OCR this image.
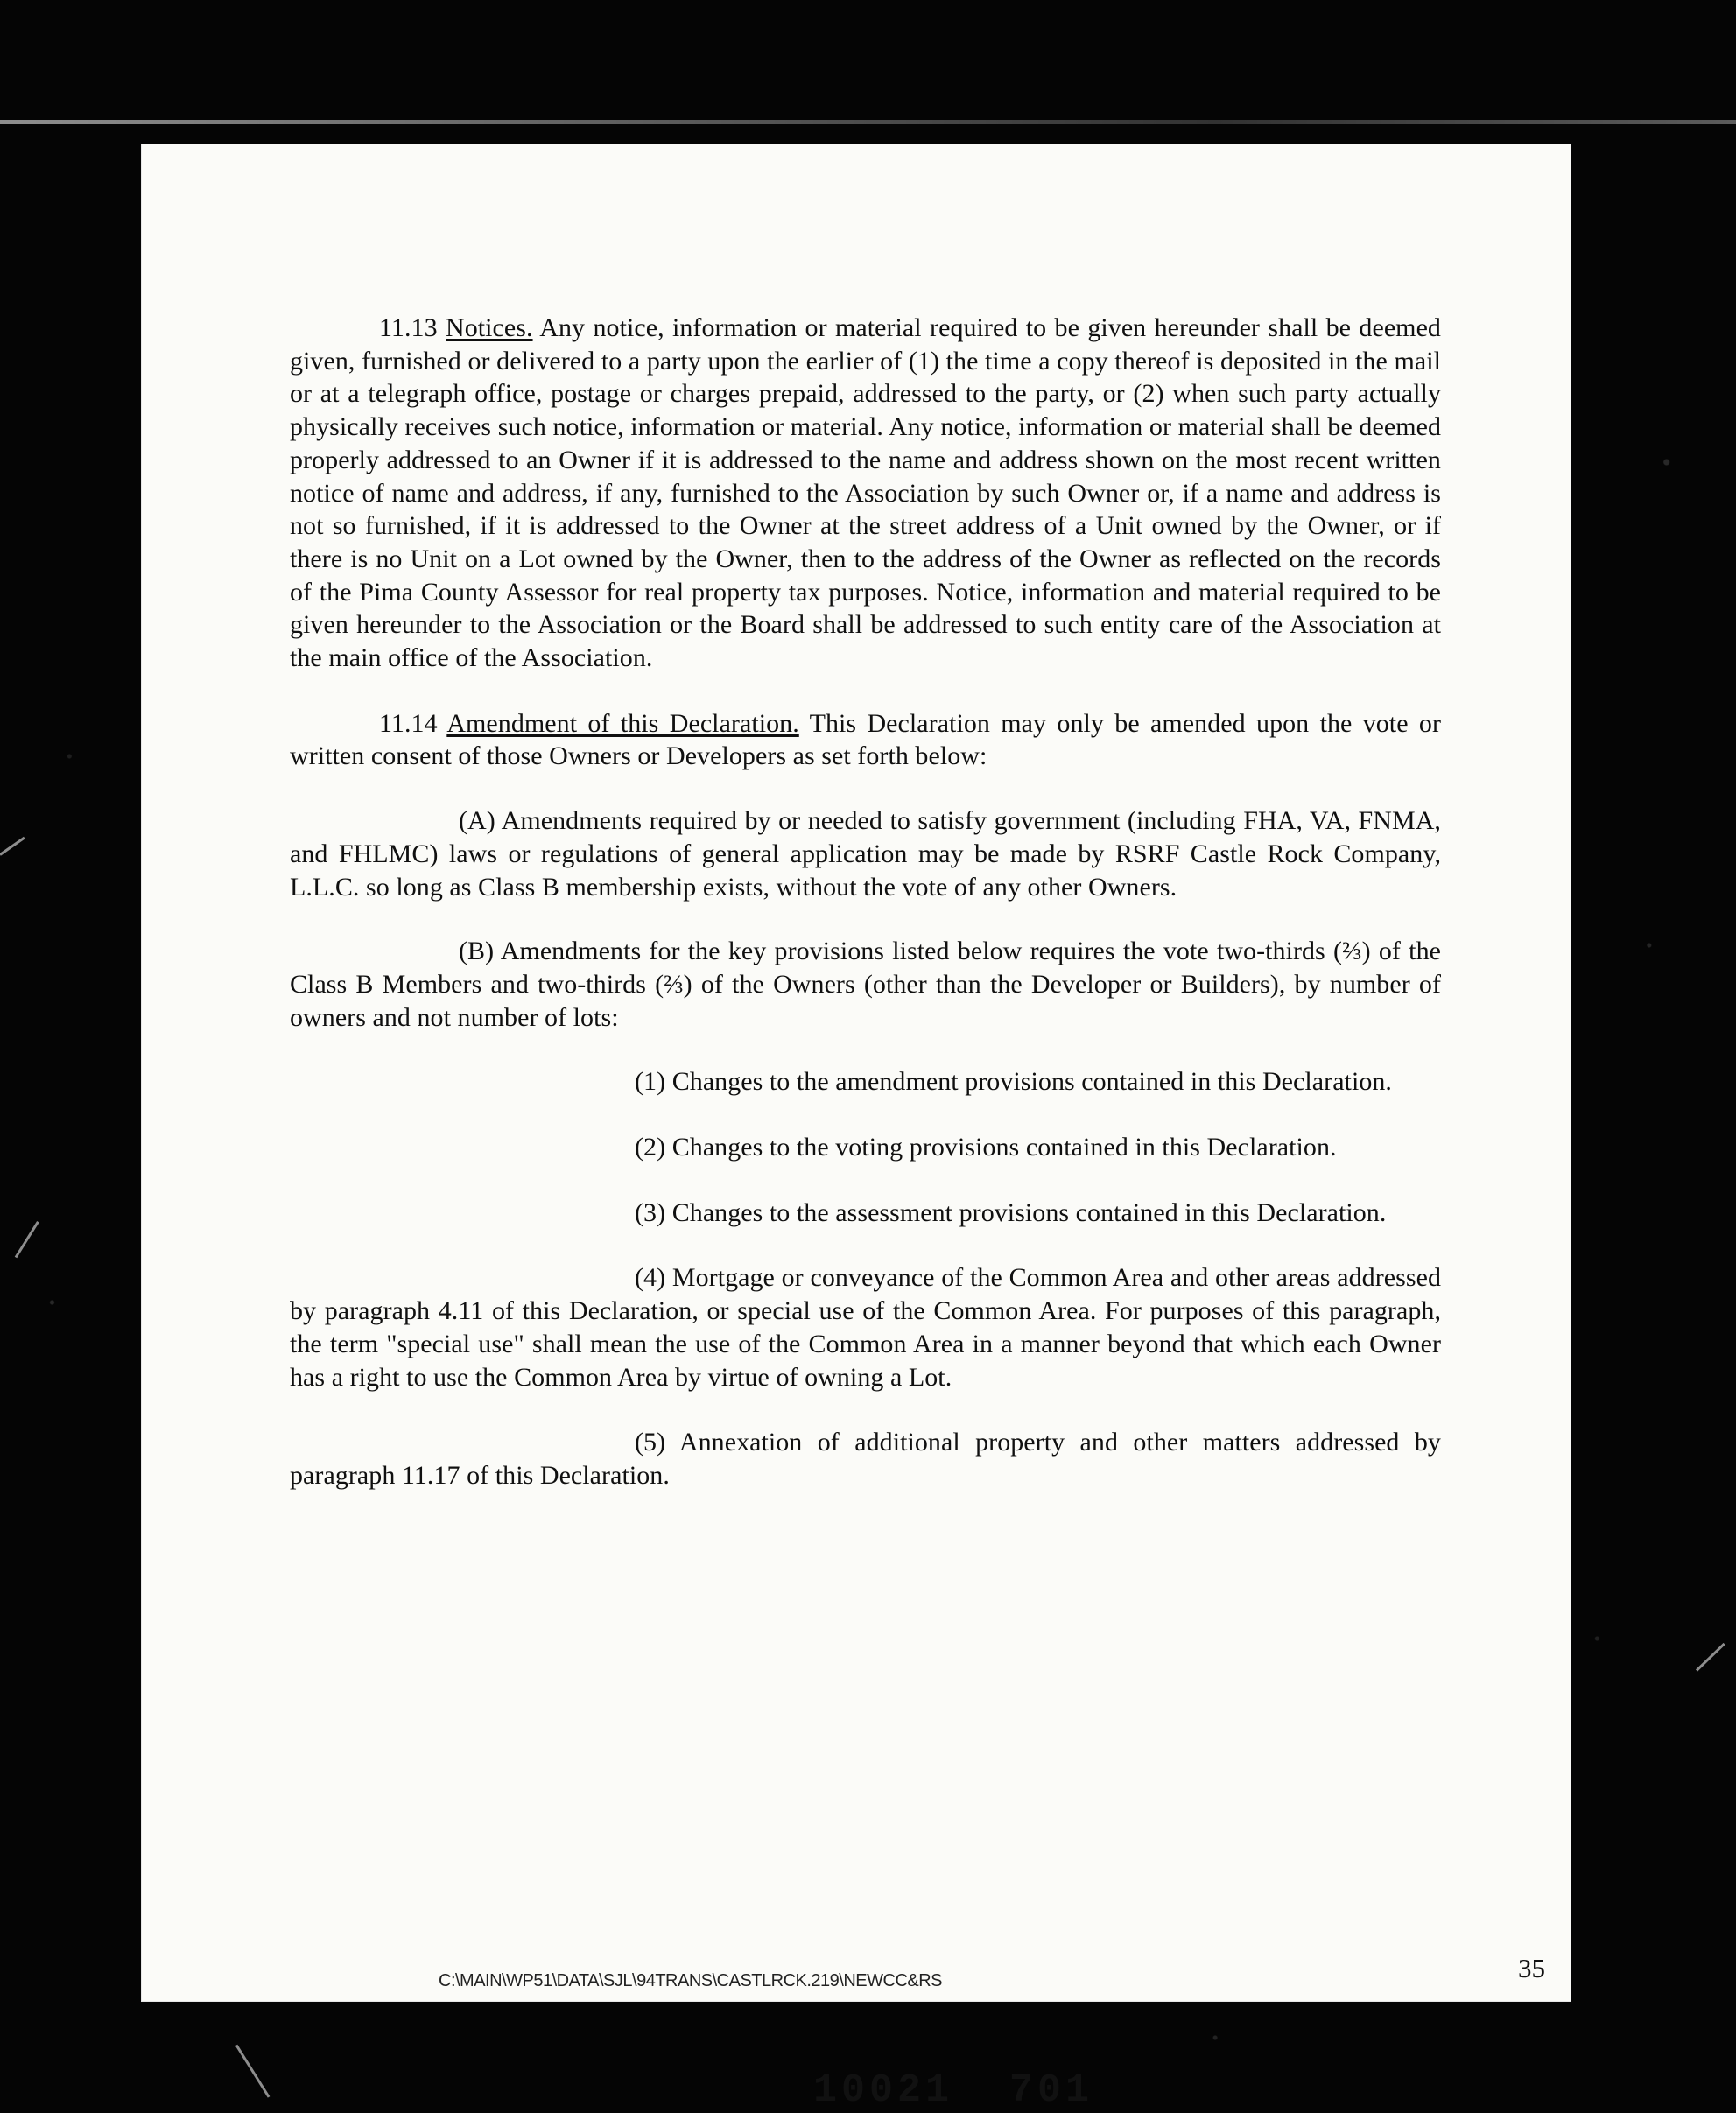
11.13 Notices. Any notice, information or material required to be given hereunder shall be deemed given, furnished or delivered to a party upon the earlier of (1) the time a copy thereof is deposited in the mail or at a telegraph office, postage or charges prepaid, addressed to the party, or (2) when such party actually physically receives such notice, information or material. Any notice, information or material shall be deemed properly addressed to an Owner if it is addressed to the name and address shown on the most recent written notice of name and address, if any, furnished to the Association by such Owner or, if a name and address is not so furnished, if it is addressed to the Owner at the street address of a Unit owned by the Owner, or if there is no Unit on a Lot owned by the Owner, then to the address of the Owner as reflected on the records of the Pima County Assessor for real property tax purposes. Notice, information and material required to be given hereunder to the Association or the Board shall be addressed to such entity care of the Association at the main office of the Association.

11.14 Amendment of this Declaration. This Declaration may only be amended upon the vote or written consent of those Owners or Developers as set forth below:

(A) Amendments required by or needed to satisfy government (including FHA, VA, FNMA, and FHLMC) laws or regulations of general application may be made by RSRF Castle Rock Company, L.L.C. so long as Class B membership exists, without the vote of any other Owners.

(B) Amendments for the key provisions listed below requires the vote two-thirds (⅔) of the Class B Members and two-thirds (⅔) of the Owners (other than the Developer or Builders), by number of owners and not number of lots:

(1) Changes to the amendment provisions contained in this Declaration.

(2) Changes to the voting provisions contained in this Declaration.

(3) Changes to the assessment provisions contained in this Declaration.

(4) Mortgage or conveyance of the Common Area and other areas addressed by paragraph 4.11 of this Declaration, or special use of the Common Area. For purposes of this paragraph, the term "special use" shall mean the use of the Common Area in a manner beyond that which each Owner has a right to use the Common Area by virtue of owning a Lot.

(5) Annexation of additional property and other matters addressed by paragraph 11.17 of this Declaration.

C:\MAIN\WP51\DATA\SJL\94TRANS\CASTLRCK.219\NEWCC&RS	35
10021  701
